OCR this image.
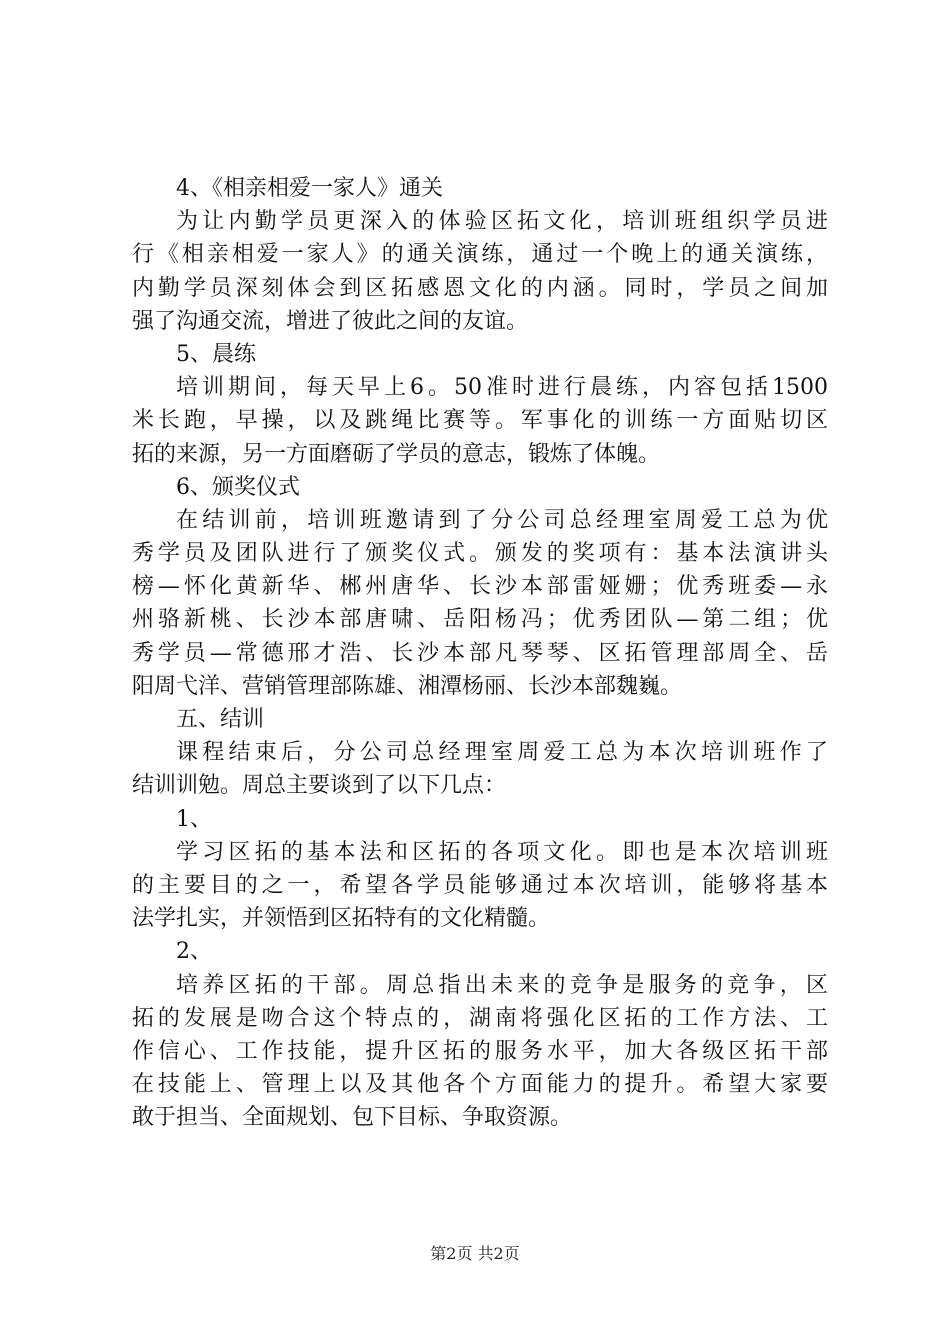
4、《相亲相爱一家人》通关
为让内勤学员更深入的体验区拓文化，培训班组织学员进
行《相亲相爱一家人》的通关演练，通过一个晚上的通关演练，
内勤学员深刻体会到区拓感恩文化的内涵。同时，学员之间加
强了沟通交流，增进了彼此之间的友谊。
5、晨练
培训期间，每天早上6。50准时进行晨练，内容包括1500
米长跑，早操，以及跳绳比赛等。军事化的训练一方面贴切区
拓的来源，另一方面磨砺了学员的意志，锻炼了体魄。
6、颁奖仪式
在结训前，培训班邀请到了分公司总经理室周爱工总为优
秀学员及团队进行了颁奖仪式。颁发的奖项有：基本法演讲头
榜—怀化黄新华、郴州唐华、长沙本部雷娅姗；优秀班委—永
州骆新桃、长沙本部唐啸、岳阳杨冯；优秀团队—第二组；优
秀学员—常德邢才浩、长沙本部凡琴琴、区拓管理部周全、岳
阳周弋洋、营销管理部陈雄、湘潭杨丽、长沙本部魏巍。
五、结训
课程结束后，分公司总经理室周爱工总为本次培训班作了
结训训勉。周总主要谈到了以下几点：
1、
学习区拓的基本法和区拓的各项文化。即也是本次培训班
的主要目的之一，希望各学员能够通过本次培训，能够将基本
法学扎实，并领悟到区拓特有的文化精髓。
2、
培养区拓的干部。周总指出未来的竞争是服务的竞争，区
拓的发展是吻合这个特点的，湖南将强化区拓的工作方法、工
作信心、工作技能，提升区拓的服务水平，加大各级区拓干部
在技能上、管理上以及其他各个方面能力的提升。希望大家要
敢于担当、全面规划、包下目标、争取资源。
第2页 共2页
